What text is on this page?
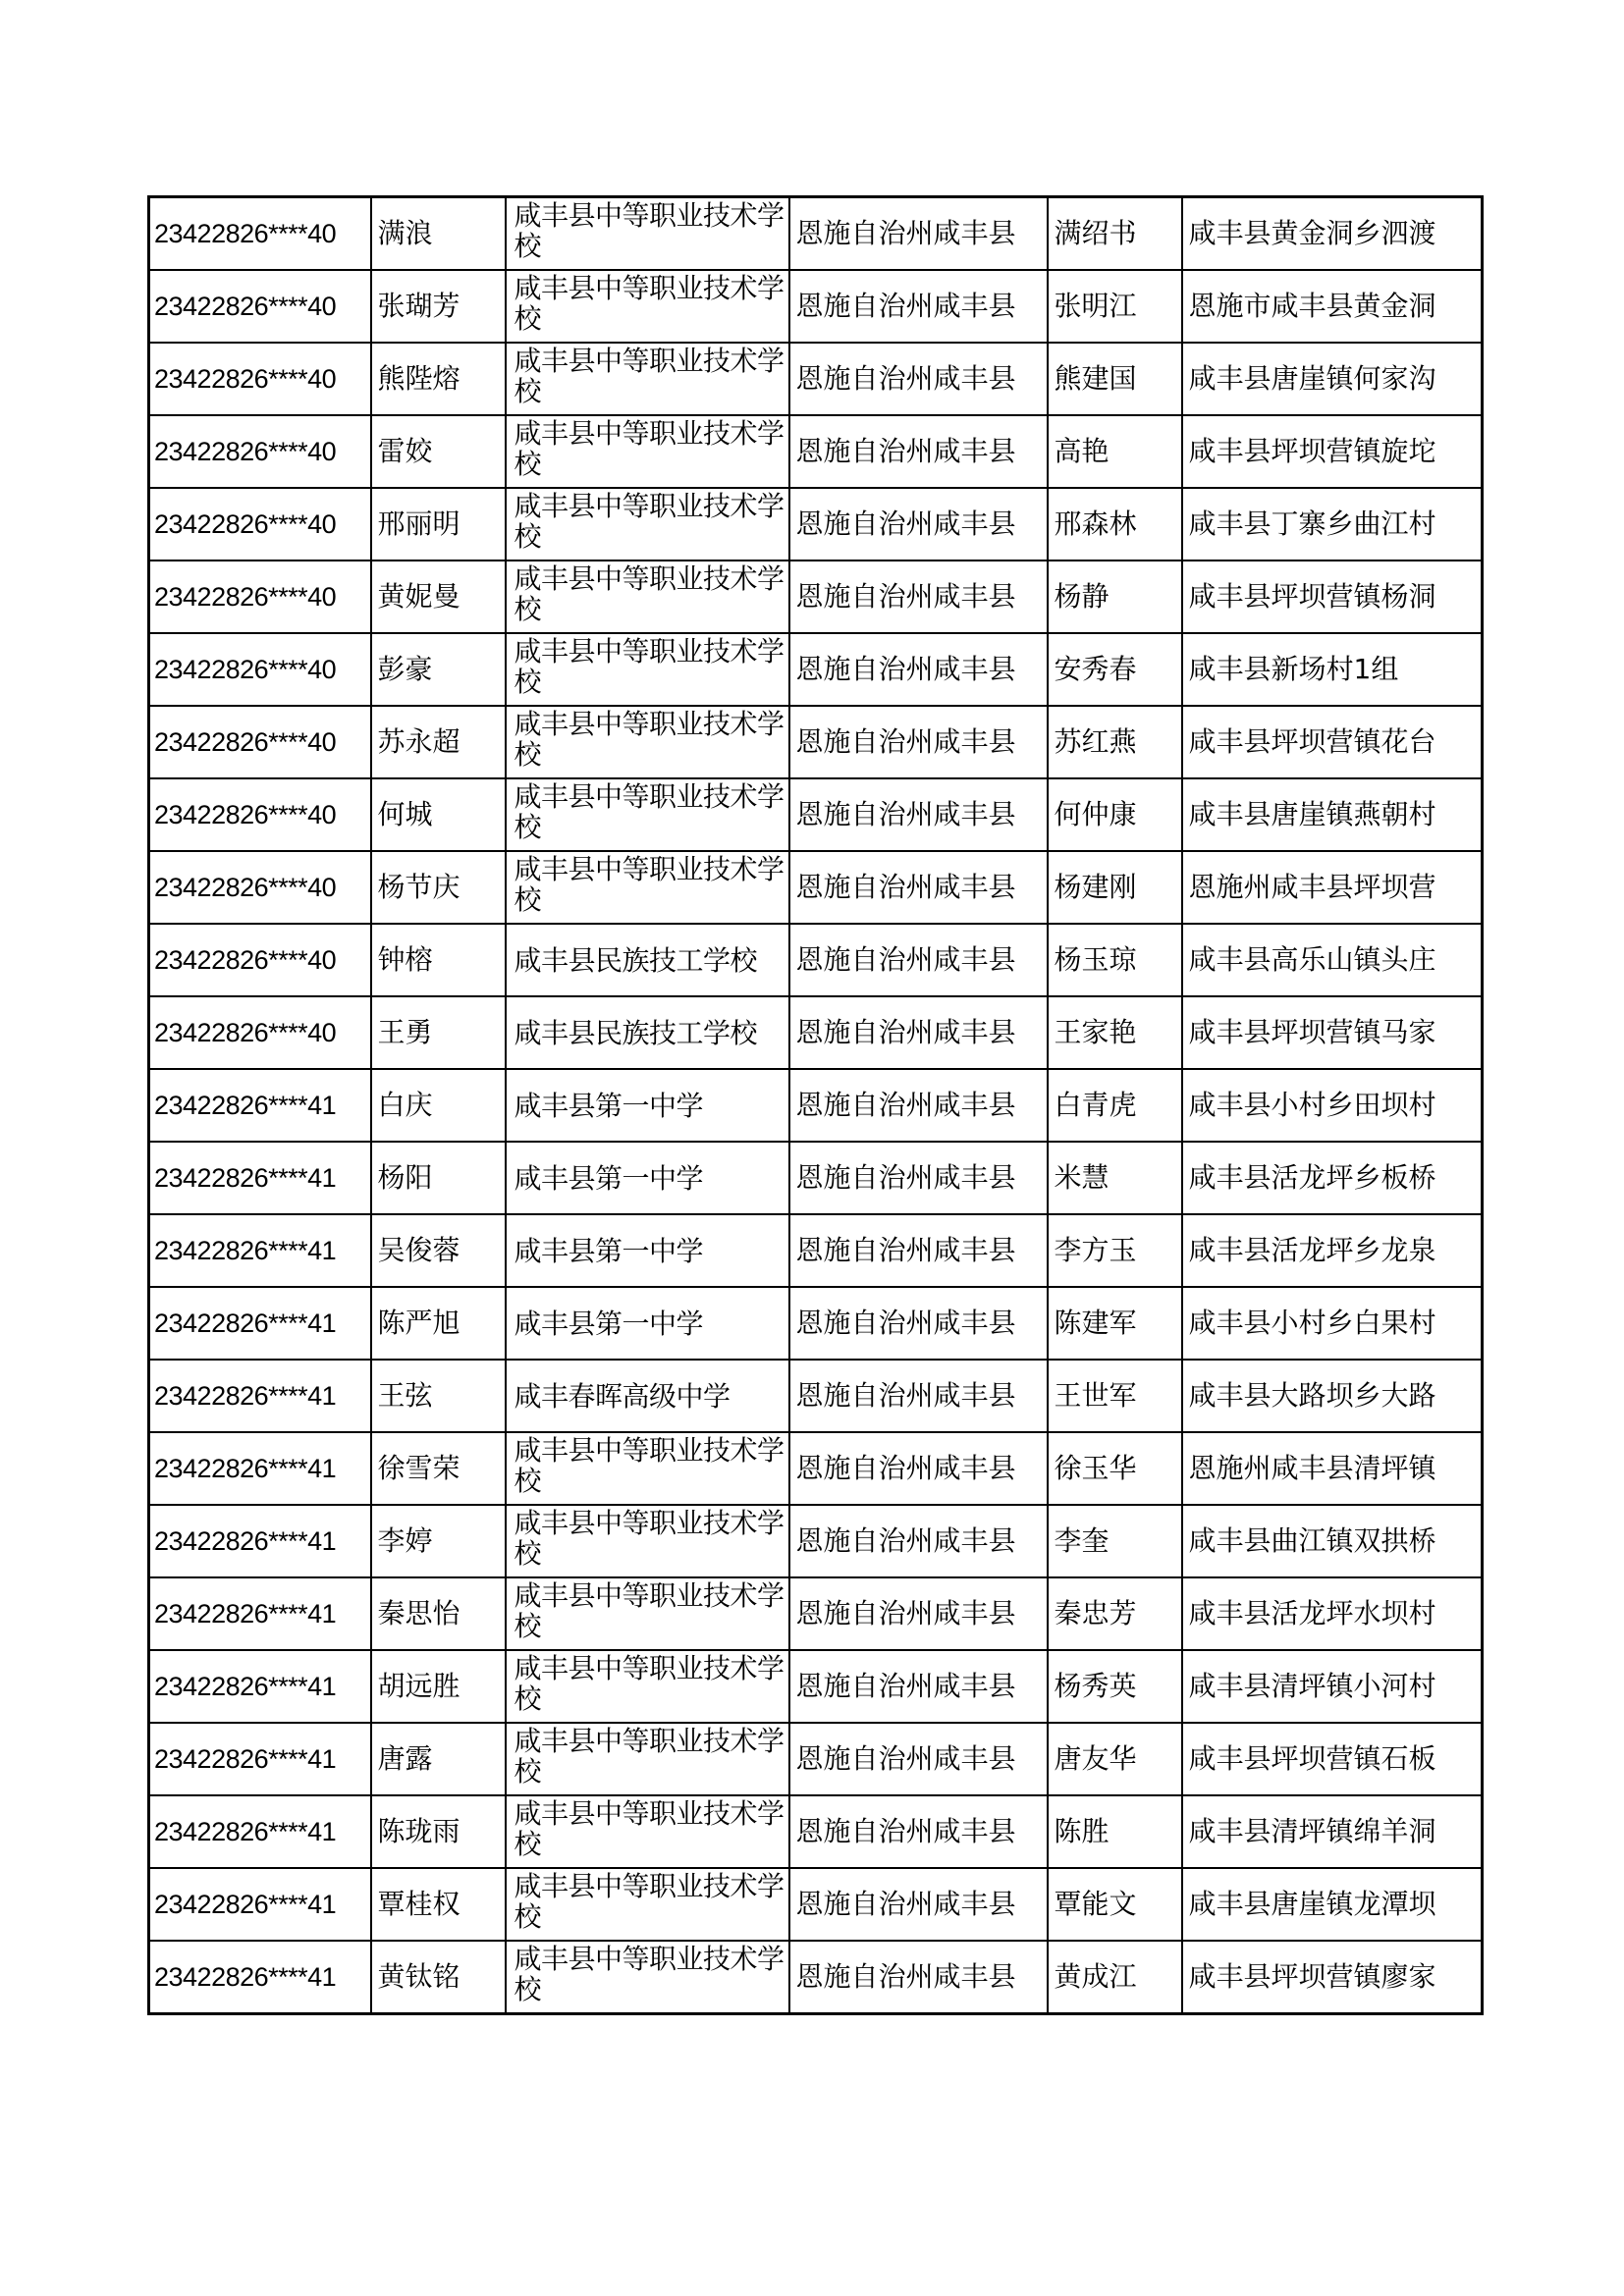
23422826****40	满浪	咸丰县中等职业技术学校	恩施自治州咸丰县	满绍书	咸丰县黄金洞乡泗渡
23422826****40	张瑚芳	咸丰县中等职业技术学校	恩施自治州咸丰县	张明江	恩施市咸丰县黄金洞
23422826****40	熊陛熔	咸丰县中等职业技术学校	恩施自治州咸丰县	熊建国	咸丰县唐崖镇何家沟
23422826****40	雷姣	咸丰县中等职业技术学校	恩施自治州咸丰县	高艳	咸丰县坪坝营镇旋坨
23422826****40	邢丽明	咸丰县中等职业技术学校	恩施自治州咸丰县	邢森林	咸丰县丁寨乡曲江村
23422826****40	黄妮曼	咸丰县中等职业技术学校	恩施自治州咸丰县	杨静	咸丰县坪坝营镇杨洞
23422826****40	彭豪	咸丰县中等职业技术学校	恩施自治州咸丰县	安秀春	咸丰县新场村1组
23422826****40	苏永超	咸丰县中等职业技术学校	恩施自治州咸丰县	苏红燕	咸丰县坪坝营镇花台
23422826****40	何城	咸丰县中等职业技术学校	恩施自治州咸丰县	何仲康	咸丰县唐崖镇燕朝村
23422826****40	杨节庆	咸丰县中等职业技术学校	恩施自治州咸丰县	杨建刚	恩施州咸丰县坪坝营
23422826****40	钟榕	咸丰县民族技工学校	恩施自治州咸丰县	杨玉琼	咸丰县高乐山镇头庄
23422826****40	王勇	咸丰县民族技工学校	恩施自治州咸丰县	王家艳	咸丰县坪坝营镇马家
23422826****41	白庆	咸丰县第一中学	恩施自治州咸丰县	白青虎	咸丰县小村乡田坝村
23422826****41	杨阳	咸丰县第一中学	恩施自治州咸丰县	米慧	咸丰县活龙坪乡板桥
23422826****41	吴俊蓉	咸丰县第一中学	恩施自治州咸丰县	李方玉	咸丰县活龙坪乡龙泉
23422826****41	陈严旭	咸丰县第一中学	恩施自治州咸丰县	陈建军	咸丰县小村乡白果村
23422826****41	王弦	咸丰春晖高级中学	恩施自治州咸丰县	王世军	咸丰县大路坝乡大路
23422826****41	徐雪荣	咸丰县中等职业技术学校	恩施自治州咸丰县	徐玉华	恩施州咸丰县清坪镇
23422826****41	李婷	咸丰县中等职业技术学校	恩施自治州咸丰县	李奎	咸丰县曲江镇双拱桥
23422826****41	秦思怡	咸丰县中等职业技术学校	恩施自治州咸丰县	秦忠芳	咸丰县活龙坪水坝村
23422826****41	胡远胜	咸丰县中等职业技术学校	恩施自治州咸丰县	杨秀英	咸丰县清坪镇小河村
23422826****41	唐露	咸丰县中等职业技术学校	恩施自治州咸丰县	唐友华	咸丰县坪坝营镇石板
23422826****41	陈珑雨	咸丰县中等职业技术学校	恩施自治州咸丰县	陈胜	咸丰县清坪镇绵羊洞
23422826****41	覃桂权	咸丰县中等职业技术学校	恩施自治州咸丰县	覃能文	咸丰县唐崖镇龙潭坝
23422826****41	黄钛铭	咸丰县中等职业技术学校	恩施自治州咸丰县	黄成江	咸丰县坪坝营镇廖家
